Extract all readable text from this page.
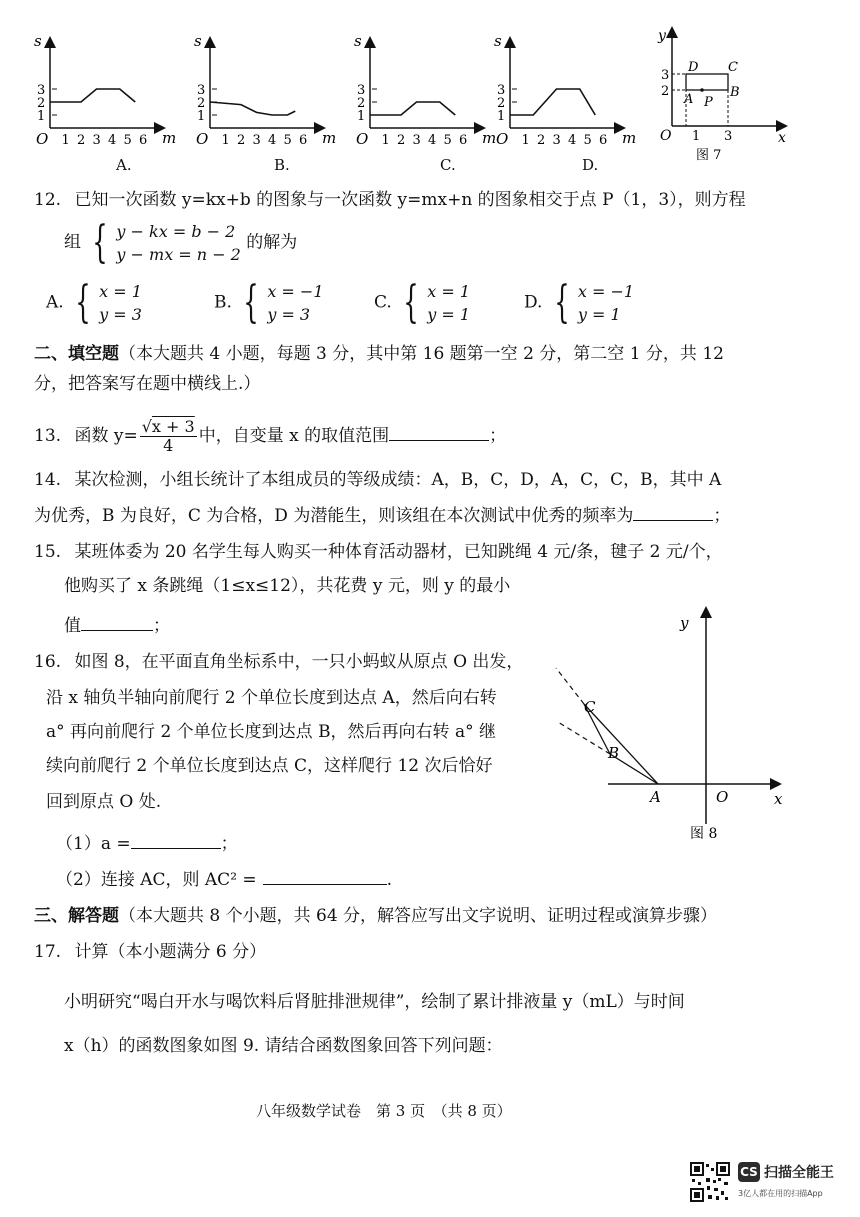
s
m
O 1 2 3 4 5 6
1
2
3
s
m
O 1 2 3 4 5 6
1
2
3
s
m
O 1 2 3 4 5 6
1
2
3
s
m
O 1 2 3 4 5 6
1
2
3
A.	B.	C.	D.
y
x
O 1 3
2
3
D C
A P
B
图 7
12. 已知一次函数 y=kx+b 的图象与一次函数 y=mx+n 的图象相交于点 P（1，3），则方程
组 { y − kx = b − 2
y − mx = n − 2
的解为
A. { x = 1
y = 3
B. { x = −1
y = 3
C. { x = 1
y = 1
D. { x = −1
y = 1
二、填空题（本大题共 4 小题，每题 3 分，其中第 16 题第一空 2 分，第二空 1 分，共 12
分，把答案写在题中横线上.）
13. 函数 $y= \frac{√x + 3}{4}$ 中，自变量 x 的取值范围	；
14. 某次检测，小组长统计了本组成员的等级成绩：A，B，C，D，A，C，C，B，其中 A
为优秀，B 为良好，C 为合格，D 为潜能生，则该组在本次测试中优秀的频率为	；
15. 某班体委为 20 名学生每人购买一种体育活动器材，已知跳绳 4 元/条，毽子 2 元/个，
他购买了 x 条跳绳（1≤x≤12），共花费 y 元，则 y 的最小
值	；
16. 如图 8，在平面直角坐标系中，一只小蚂蚁从原点 O 出发，
沿 x 轴负半轴向前爬行 2 个单位长度到达点 A，然后向右转
a° 再向前爬行 2 个单位长度到达点 B，然后再向右转 a° 继
续向前爬行 2 个单位长度到达点 C，这样爬行 12 次后恰好
回到原点 O 处.
（1）a =	；
（2）连接 AC，则 AC² =	.
y
x
O
A
B
C
图 8
三、解答题（本大题共 8 个小题，共 64 分，解答应写出文字说明、证明过程或演算步骤）
17. 计算（本小题满分 6 分）
小明研究“喝白开水与喝饮料后肾脏排泄规律”，绘制了累计排液量 y（mL）与时间
x（h）的函数图象如图 9. 请结合函数图象回答下列问题：
八年级数学试卷　第 3 页　（共 8 页）
CS 扫描全能王
3亿人都在用的扫描App
